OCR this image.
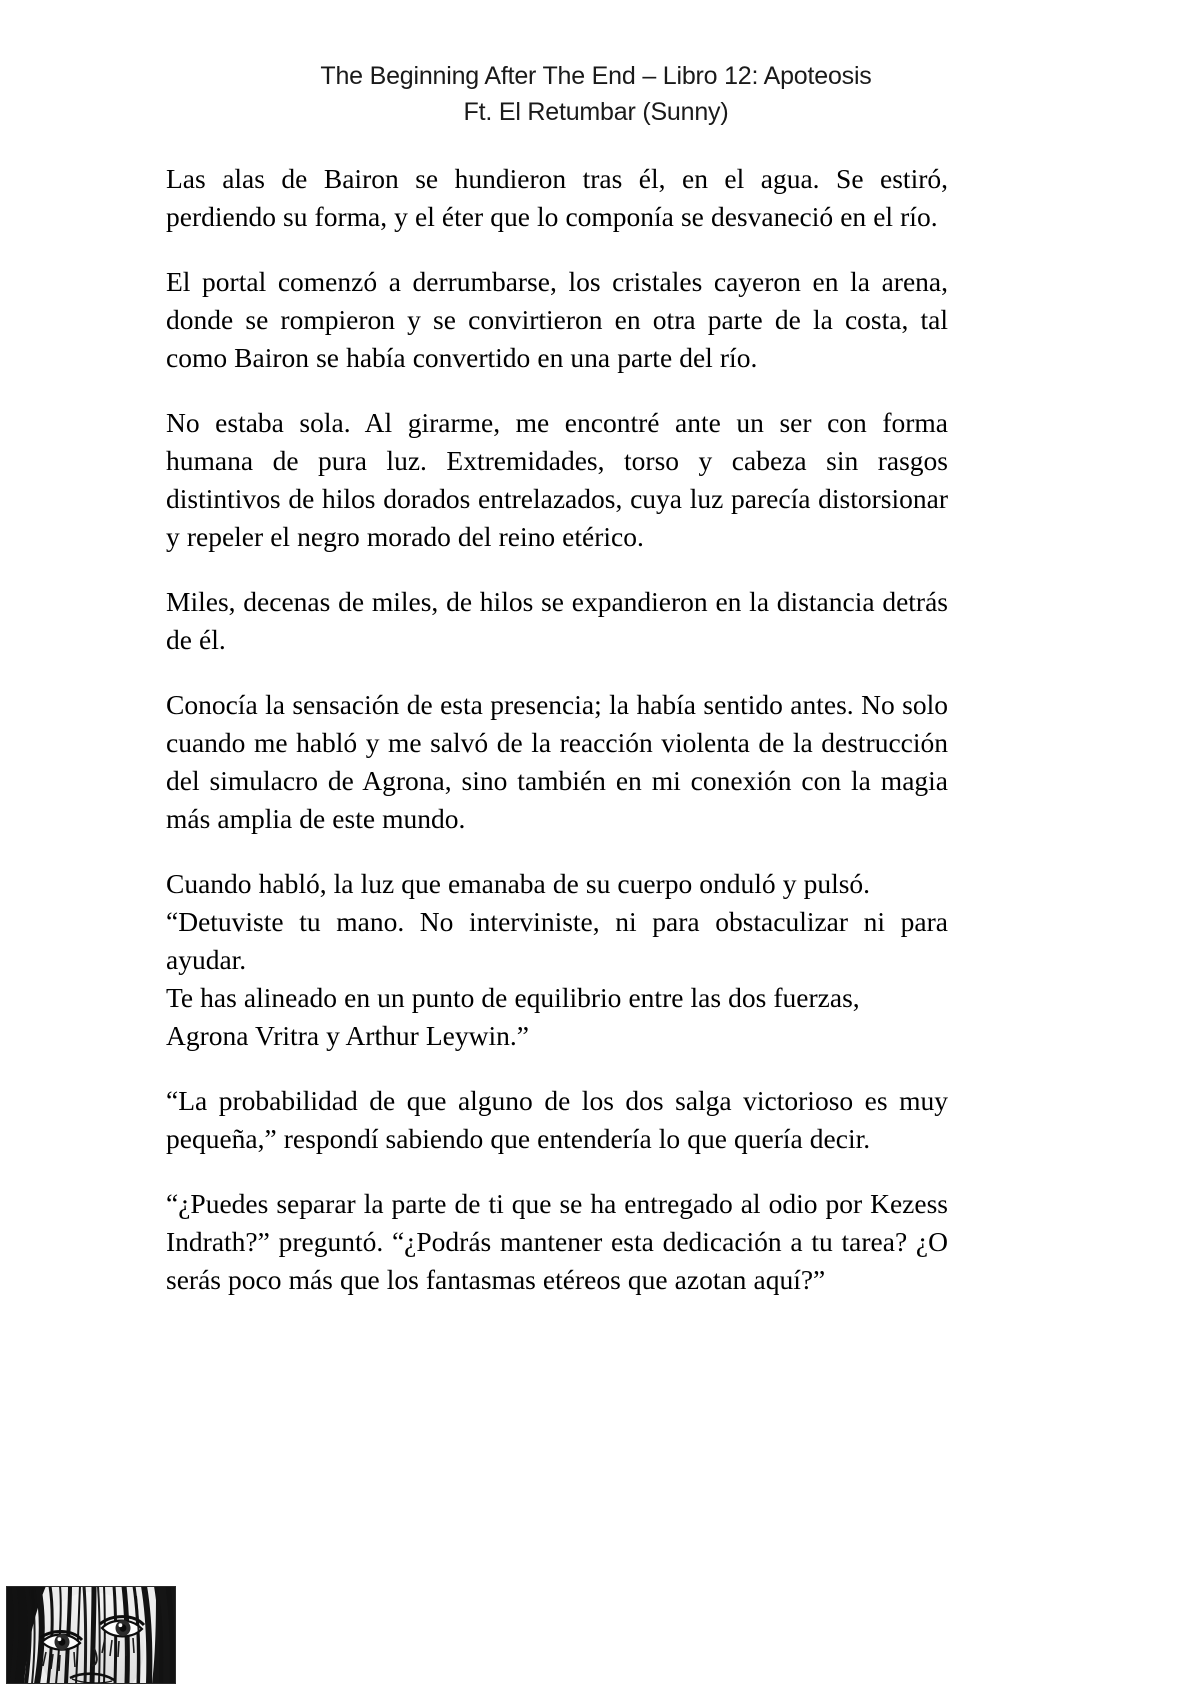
The Beginning After The End – Libro 12: Apoteosis
Ft. El Retumbar (Sunny)

Las alas de Bairon se hundieron tras él, en el agua. Se estiró, perdiendo su forma, y el éter que lo componía se desvaneció en el río.

El portal comenzó a derrumbarse, los cristales cayeron en la arena, donde se rompieron y se convirtieron en otra parte de la costa, tal como Bairon se había convertido en una parte del río.

No estaba sola. Al girarme, me encontré ante un ser con forma humana de pura luz. Extremidades, torso y cabeza sin rasgos distintivos de hilos dorados entrelazados, cuya luz parecía distorsionar y repeler el negro morado del reino etérico.

Miles, decenas de miles, de hilos se expandieron en la distancia detrás de él.

Conocía la sensación de esta presencia; la había sentido antes. No solo cuando me habló y me salvó de la reacción violenta de la destrucción del simulacro de Agrona, sino también en mi conexión con la magia más amplia de este mundo.

Cuando habló, la luz que emanaba de su cuerpo onduló y pulsó.
“Detuviste tu mano. No interviniste, ni para obstaculizar ni para ayudar.
Te has alineado en un punto de equilibrio entre las dos fuerzas,
Agrona Vritra y Arthur Leywin.”

“La probabilidad de que alguno de los dos salga victorioso es muy pequeña,” respondí sabiendo que entendería lo que quería decir.

“¿Puedes separar la parte de ti que se ha entregado al odio por Kezess Indrath?” preguntó. “¿Podrás mantener esta dedicación a tu tarea? ¿O serás poco más que los fantasmas etéreos que azotan aquí?”
